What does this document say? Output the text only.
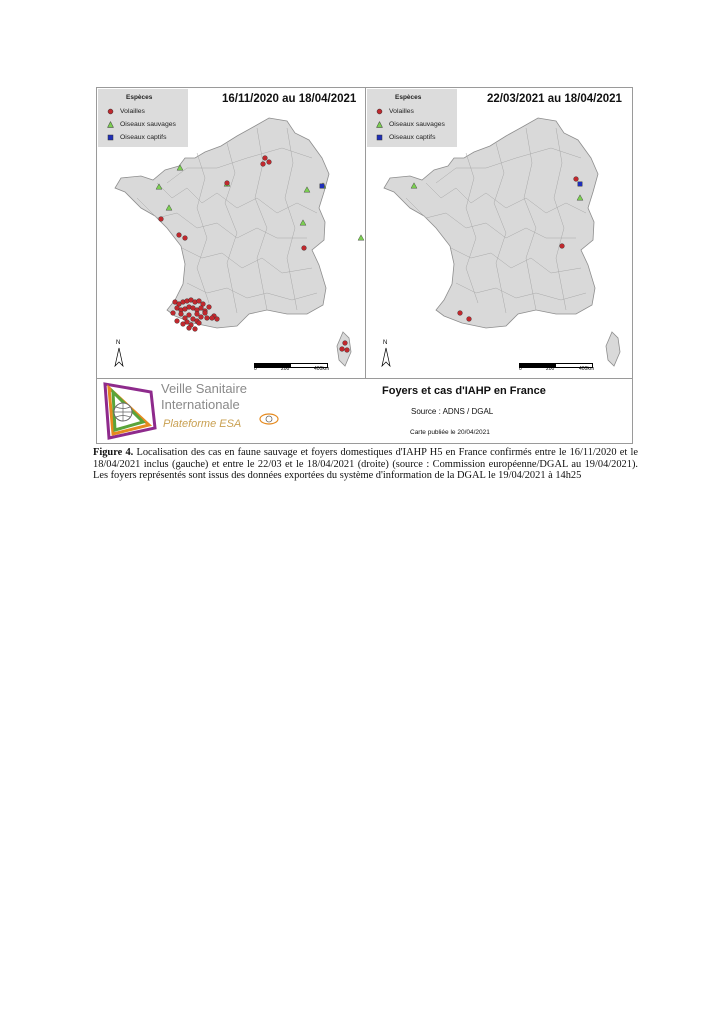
Espèces
Volailles
Oiseaux sauvages
Oiseaux captifs
16/11/2020 au 18/04/2021
N
0	200	400km
Espèces
Volailles
Oiseaux sauvages
Oiseaux captifs
22/03/2021 au 18/04/2021
N
0	200	400km
Veille Sanitaire
Internationale
Plateforme ESA
Foyers et cas d'IAHP en France
Source : ADNS / DGAL
Carte publiée le 20/04/2021
Figure 4. Localisation des cas en faune sauvage et foyers domestiques d'IAHP H5 en France confirmés entre le 16/11/2020 et le 18/04/2021 inclus (gauche) et entre le 22/03 et le 18/04/2021 (droite) (source : Commission européenne/DGAL au 19/04/2021). Les foyers représentés sont issus des données exportées du système d'information de la DGAL le 19/04/2021 à 14h25
